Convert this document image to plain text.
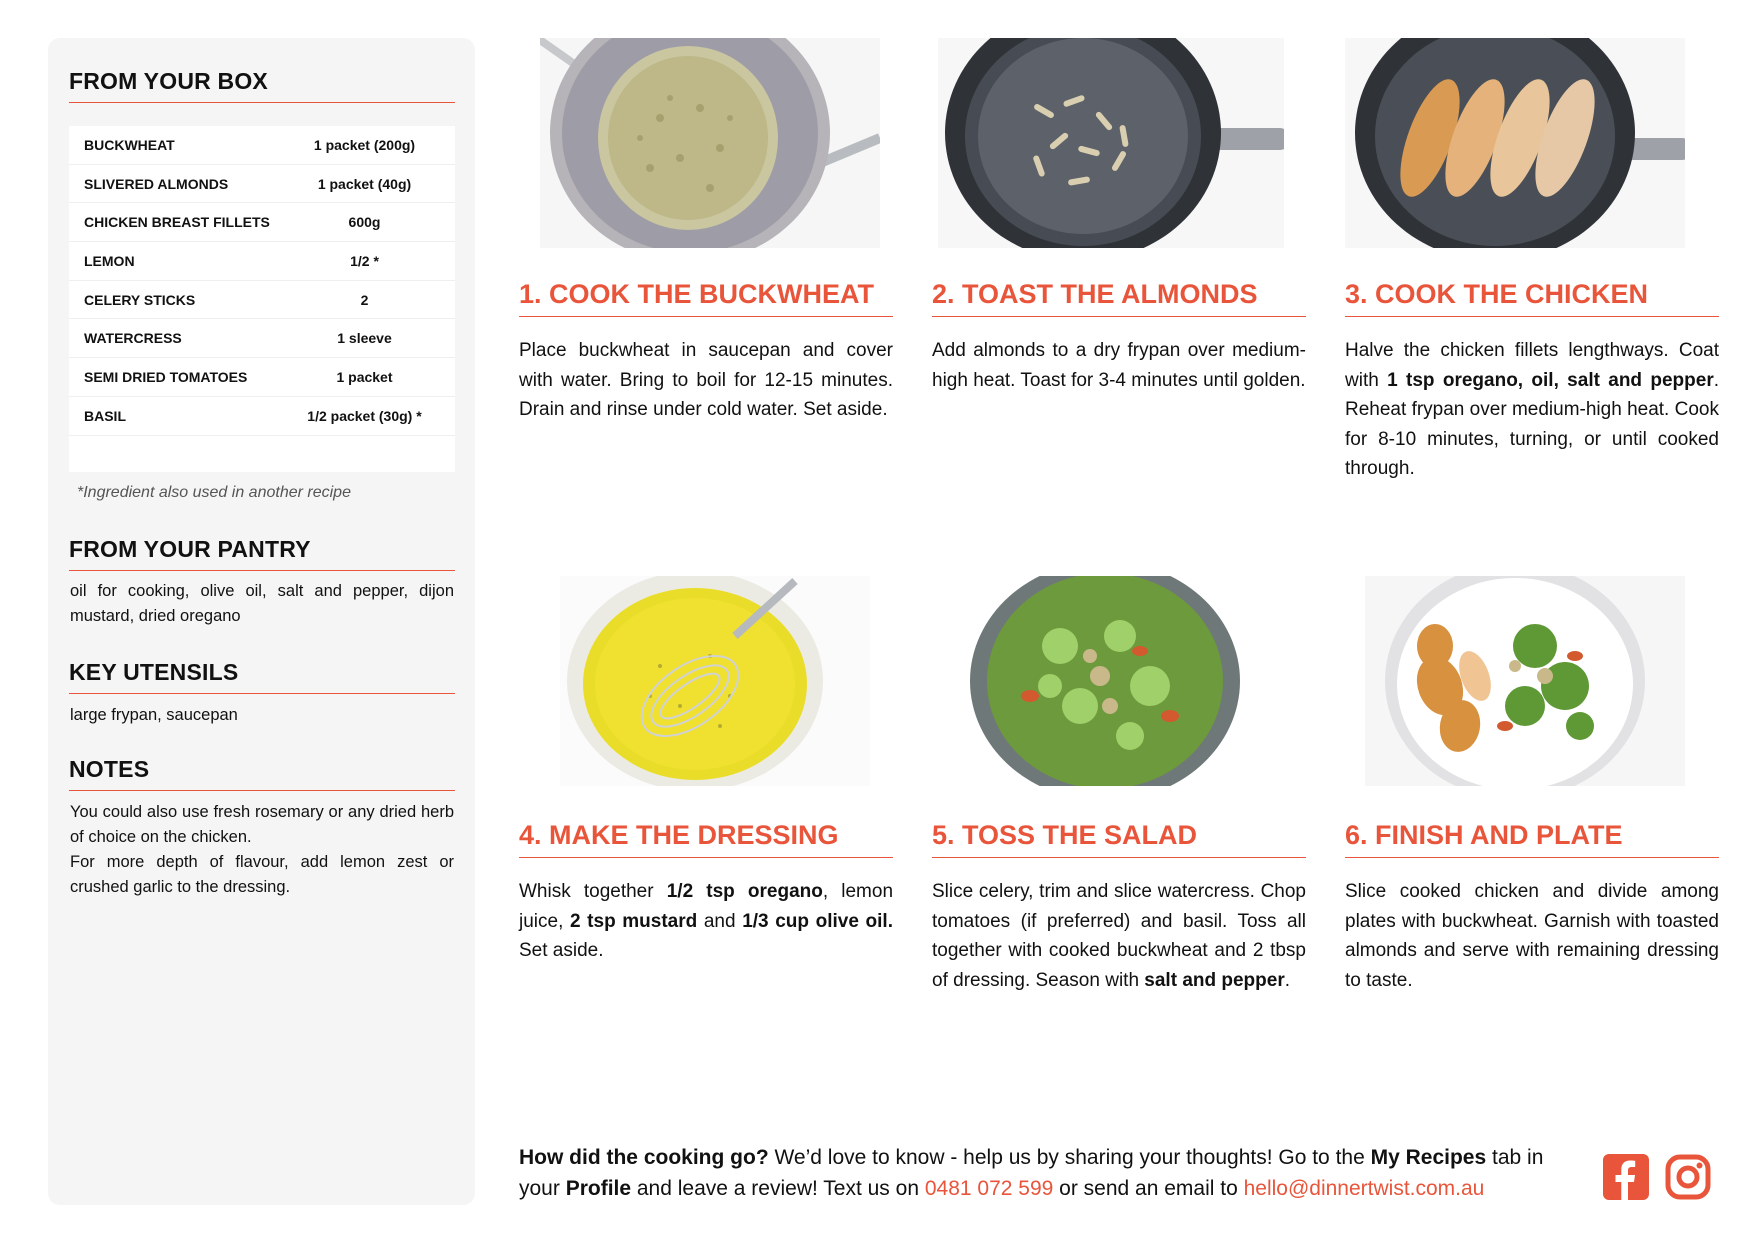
FROM YOUR BOX
BUCKWHEAT	1 packet (200g)
SLIVERED ALMONDS	1 packet (40g)
CHICKEN BREAST FILLETS	600g
LEMON	1/2 *
CELERY STICKS	2
WATERCRESS	1 sleeve
SEMI DRIED TOMATOES	1 packet
BASIL	1/2 packet (30g) *
*Ingredient also used in another recipe
FROM YOUR PANTRY
oil for cooking, olive oil, salt and pepper, dijon mustard, dried oregano
KEY UTENSILS
large frypan, saucepan
NOTES
You could also use fresh rosemary or any dried herb of choice on the chicken.
For more depth of flavour, add lemon zest or crushed garlic to the dressing.
1. COOK THE BUCKWHEAT
Place buckwheat in saucepan and cover with water. Bring to boil for 12-15 minutes. Drain and rinse under cold water. Set aside.
2. TOAST THE ALMONDS
Add almonds to a dry frypan over medium-high heat. Toast for 3-4 minutes until golden.
3. COOK THE CHICKEN
Halve the chicken fillets lengthways. Coat with 1 tsp oregano, oil, salt and pepper. Reheat frypan over medium-high heat. Cook for 8-10 minutes, turning, or until cooked through.
4. MAKE THE DRESSING
Whisk together 1/2 tsp oregano, lemon juice, 2 tsp mustard and 1/3 cup olive oil. Set aside.
5. TOSS THE SALAD
Slice celery, trim and slice watercress. Chop tomatoes (if preferred) and basil. Toss all together with cooked buckwheat and 2 tbsp of dressing. Season with salt and pepper.
6. FINISH AND PLATE
Slice cooked chicken and divide among plates with buckwheat. Garnish with toasted almonds and serve with remaining dressing to taste.
How did the cooking go? We’d love to know - help us by sharing your thoughts! Go to the My Recipes tab in your Profile and leave a review! Text us on 0481 072 599 or send an email to hello@dinnertwist.com.au
